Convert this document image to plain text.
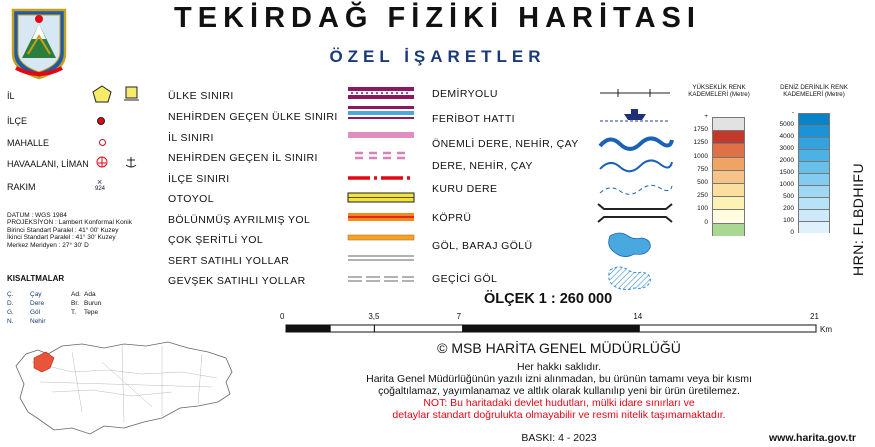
TEKİRDAĞ FİZİKİ HARİTASI
ÖZEL İŞARETLER
İL
İLÇE
MAHALLE
HAVAALANI, LİMAN
RAKIM	×
924
DATUM : WGS 1984
PROJEKSİYON : Lambert Konformal Konik
Birinci Standart Paralel : 41° 00' Kuzey
İkinci Standart Paralel : 41° 30' Kuzey
Merkez Meridyen : 27° 30' D
KISALTMALAR
Ç.	Çay	Ad. Ada
D.	Dere	Br. Burun
G. Göl	T. Tepe
N.	Nehir
ÜLKE SINIRI
NEHİRDEN GEÇEN ÜLKE SINIRI
İL SINIRI
NEHİRDEN GEÇEN İL SINIRI
İLÇE SINIRI
OTOYOL
BÖLÜNMÜŞ AYRILMIŞ YOL
ÇOK ŞERİTLİ YOL
SERT SATIHLI YOLLAR
GEVŞEK SATIHLI YOLLAR
DEMİRYOLU
FERİBOT HATTI
ÖNEMLİ DERE, NEHİR, ÇAY
DERE, NEHİR, ÇAY
KURU DERE
KÖPRÜ
GÖL, BARAJ GÖLÜ
GEÇİCİ GÖL
YÜKSEKLİK RENK KADEMELERİ (Metre)
+
1750
1250
1000
750
500
250
100
0
DENİZ DERİNLİK RENK KADEMELERİ (Metre)
-
5000
4000
3000
2000
1500
1000
500
200
100
0	HRN: FLBDHIFU
ÖLÇEK 1 : 260 000
0	3,5	7	14	21
Km
© MSB HARİTA GENEL MÜDÜRLÜĞÜ
Her hakkı saklıdır.
Harita Genel Müdürlüğünün yazılı izni alınmadan, bu ürünün tamamı veya bir kısmı
çoğaltılamaz, yayımlanamaz ve altlık olarak kullanılıp yeni bir ürün üretilemez.
NOT: Bu haritadaki devlet hudutları, mülki idare sınırları ve
detaylar standart doğrulukta olmayabilir ve resmi nitelik taşımamaktadır.
BASKI: 4 - 2023	www.harita.gov.tr
